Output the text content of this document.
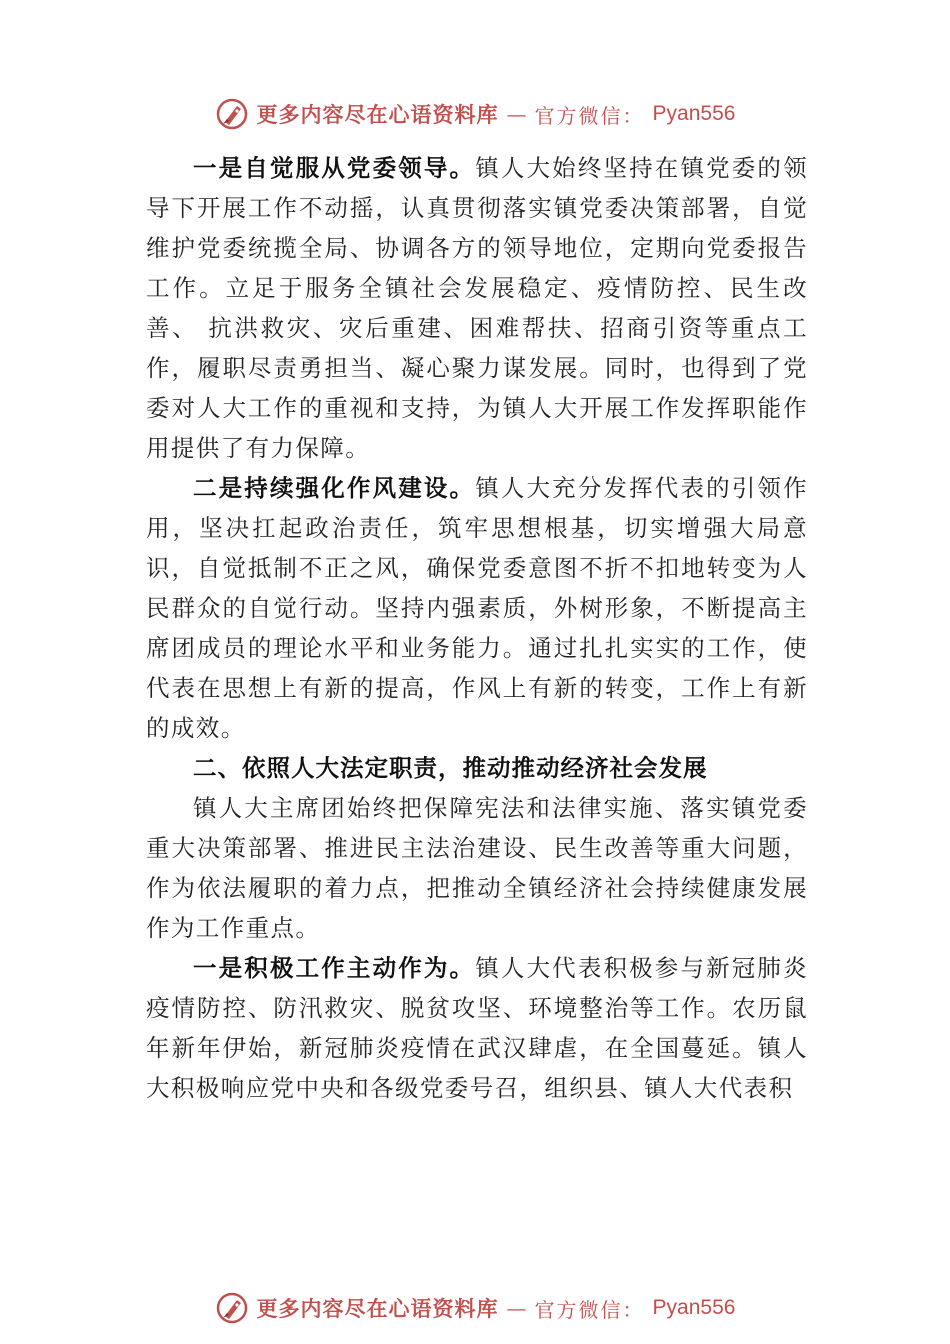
更多内容尽在心语资料库 — 官方微信： Pyan556

一是自觉服从党委领导。镇人大始终坚持在镇党委的领导下开展工作不动摇，认真贯彻落实镇党委决策部署，自觉维护党委统揽全局、协调各方的领导地位，定期向党委报告工作。立足于服务全镇社会发展稳定、疫情防控、民生改善、 抗洪救灾、灾后重建、困难帮扶、招商引资等重点工作，履职尽责勇担当、凝心聚力谋发展。同时，也得到了党委对人大工作的重视和支持，为镇人大开展工作发挥职能作用提供了有力保障。

二是持续强化作风建设。镇人大充分发挥代表的引领作用，坚决扛起政治责任，筑牢思想根基，切实增强大局意识，自觉抵制不正之风，确保党委意图不折不扣地转变为人民群众的自觉行动。坚持内强素质，外树形象，不断提高主席团成员的理论水平和业务能力。通过扎扎实实的工作，使代表在思想上有新的提高，作风上有新的转变，工作上有新的成效。

二、依照人大法定职责，推动推动经济社会发展

镇人大主席团始终把保障宪法和法律实施、落实镇党委重大决策部署、推进民主法治建设、民生改善等重大问题， 作为依法履职的着力点，把推动全镇经济社会持续健康发展作为工作重点。

一是积极工作主动作为。镇人大代表积极参与新冠肺炎疫情防控、防汛救灾、脱贫攻坚、环境整治等工作。农历鼠年新年伊始，新冠肺炎疫情在武汉肆虐，在全国蔓延。镇人大积极响应党中央和各级党委号召，组织县、镇人大代表积

更多内容尽在心语资料库 — 官方微信： Pyan556
